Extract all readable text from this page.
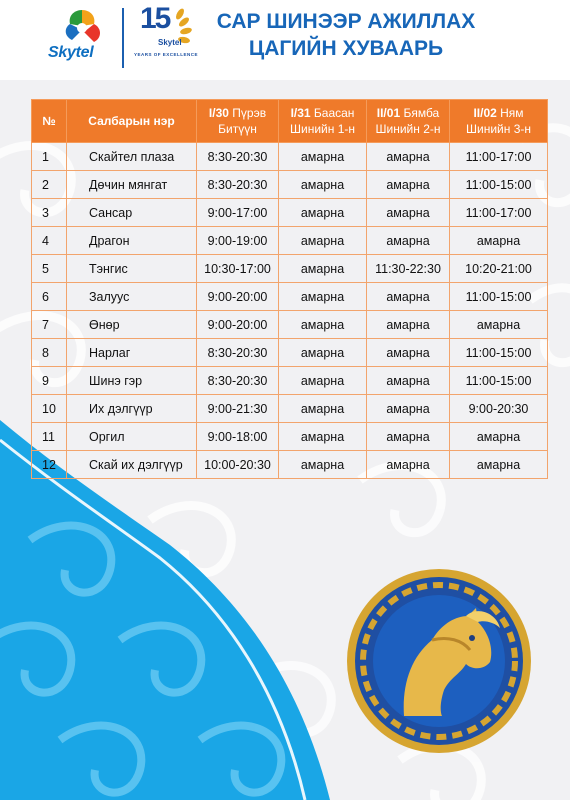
Skytel
15
Skytel
YEARS OF EXCELLENCE
САР ШИНЭЭР АЖИЛЛАХ
ЦАГИЙН ХУВААРЬ
№	Салбарын нэр	I/30 Пүрэв Битүүн	I/31 Баасан Шинийн 1-н	II/01 Бямба Шинийн 2-н	II/02 Ням Шинийн 3-н
1	Скайтел плаза	8:30-20:30	амарна	амарна	11:00-17:00
2	Дөчин мянгат	8:30-20:30	амарна	амарна	11:00-15:00
3	Сансар	9:00-17:00	амарна	амарна	11:00-17:00
4	Драгон	9:00-19:00	амарна	амарна	амарна
5	Тэнгис	10:30-17:00	амарна	11:30-22:30	10:20-21:00
6	Залуус	9:00-20:00	амарна	амарна	11:00-15:00
7	Өнөр	9:00-20:00	амарна	амарна	амарна
8	Нарлаг	8:30-20:30	амарна	амарна	11:00-15:00
9	Шинэ гэр	8:30-20:30	амарна	амарна	11:00-15:00
10	Их дэлгүүр	9:00-21:30	амарна	амарна	9:00-20:30
11	Оргил	9:00-18:00	амарна	амарна	амарна
12	Скай их дэлгүүр	10:00-20:30	амарна	амарна	амарна
